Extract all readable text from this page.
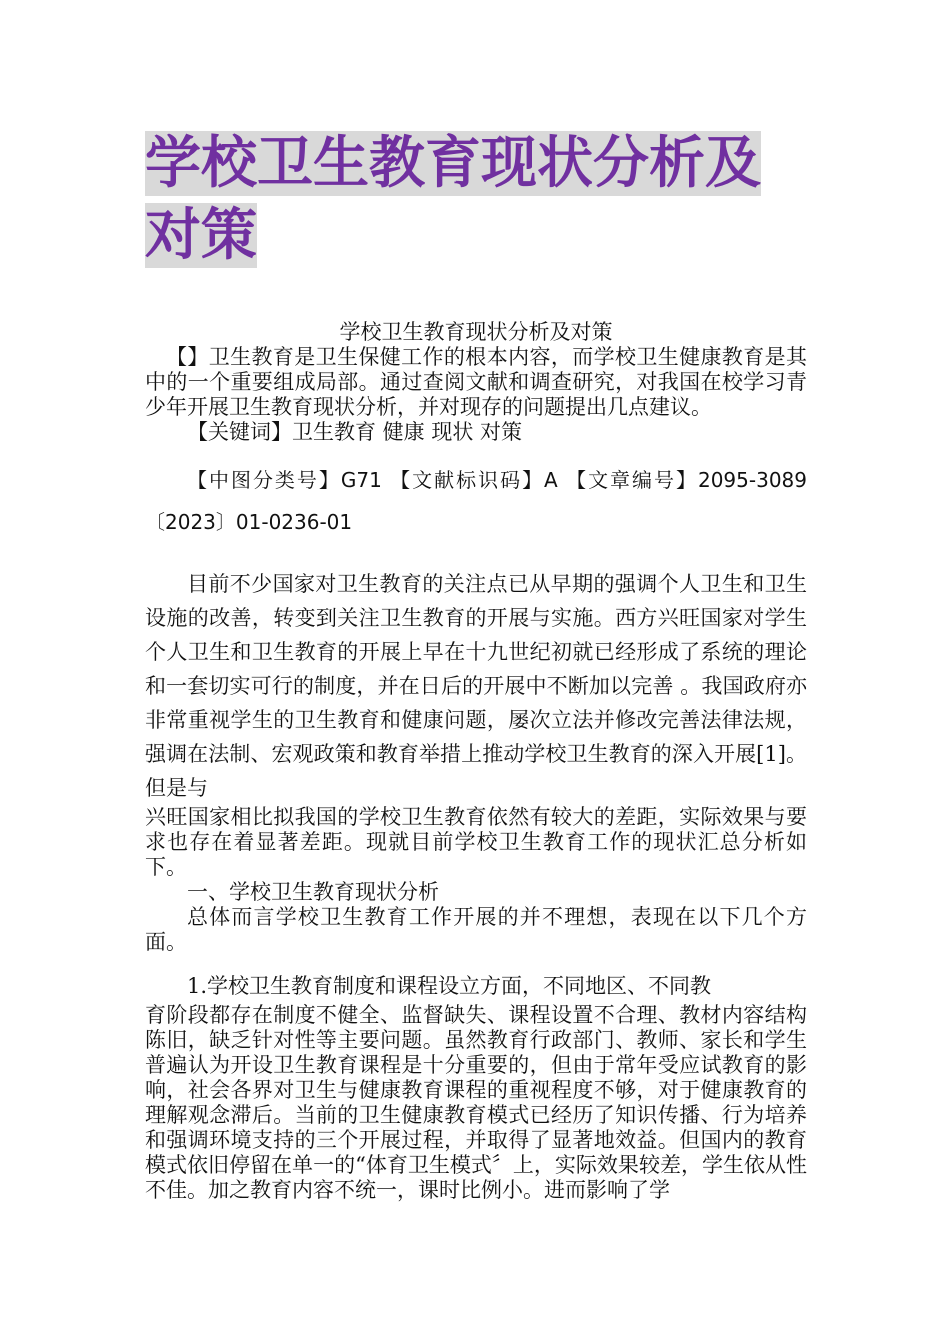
学校卫生教育现状分析及对策

学校卫生教育现状分析及对策

【】卫生教育是卫生保健工作的根本内容，而学校卫生健康教育是其中的一个重要组成局部。通过查阅文献和调查研究，对我国在校学习青少年开展卫生教育现状分析，并对现存的问题提出几点建议。

【关键词】卫生教育 健康 现状 对策

【中图分类号】G71 【文献标识码】A 【文章编号】2095-3089〔2023〕01-0236-01

目前不少国家对卫生教育的关注点已从早期的强调个人卫生和卫生设施的改善，转变到关注卫生教育的开展与实施。西方兴旺国家对学生个人卫生和卫生教育的开展上早在十九世纪初就已经形成了系统的理论和一套切实可行的制度，并在日后的开展中不断加以完善 。我国政府亦非常重视学生的卫生教育和健康问题，屡次立法并修改完善法律法规，强调在法制、宏观政策和教育举措上推动学校卫生教育的深入开展[1]。但是与

兴旺国家相比拟我国的学校卫生教育依然有较大的差距，实际效果与要求也存在着显著差距。现就目前学校卫生教育工作的现状汇总分析如下。

一、学校卫生教育现状分析

总体而言学校卫生教育工作开展的并不理想，表现在以下几个方面。

1.学校卫生教育制度和课程设立方面，不同地区、不同教

育阶段都存在制度不健全、监督缺失、课程设置不合理、教材内容结构陈旧，缺乏针对性等主要问题。虽然教育行政部门、教师、家长和学生普遍认为开设卫生教育课程是十分重要的，但由于常年受应试教育的影响，社会各界对卫生与健康教育课程的重视程度不够，对于健康教育的理解观念滞后。当前的卫生健康教育模式已经历了知识传播、行为培养和强调环境支持的三个开展过程，并取得了显著地效益。但国内的教育模式依旧停留在单一的“体育卫生模式〞上，实际效果较差，学生依从性不佳。加之教育内容不统一，课时比例小。进而影响了学
